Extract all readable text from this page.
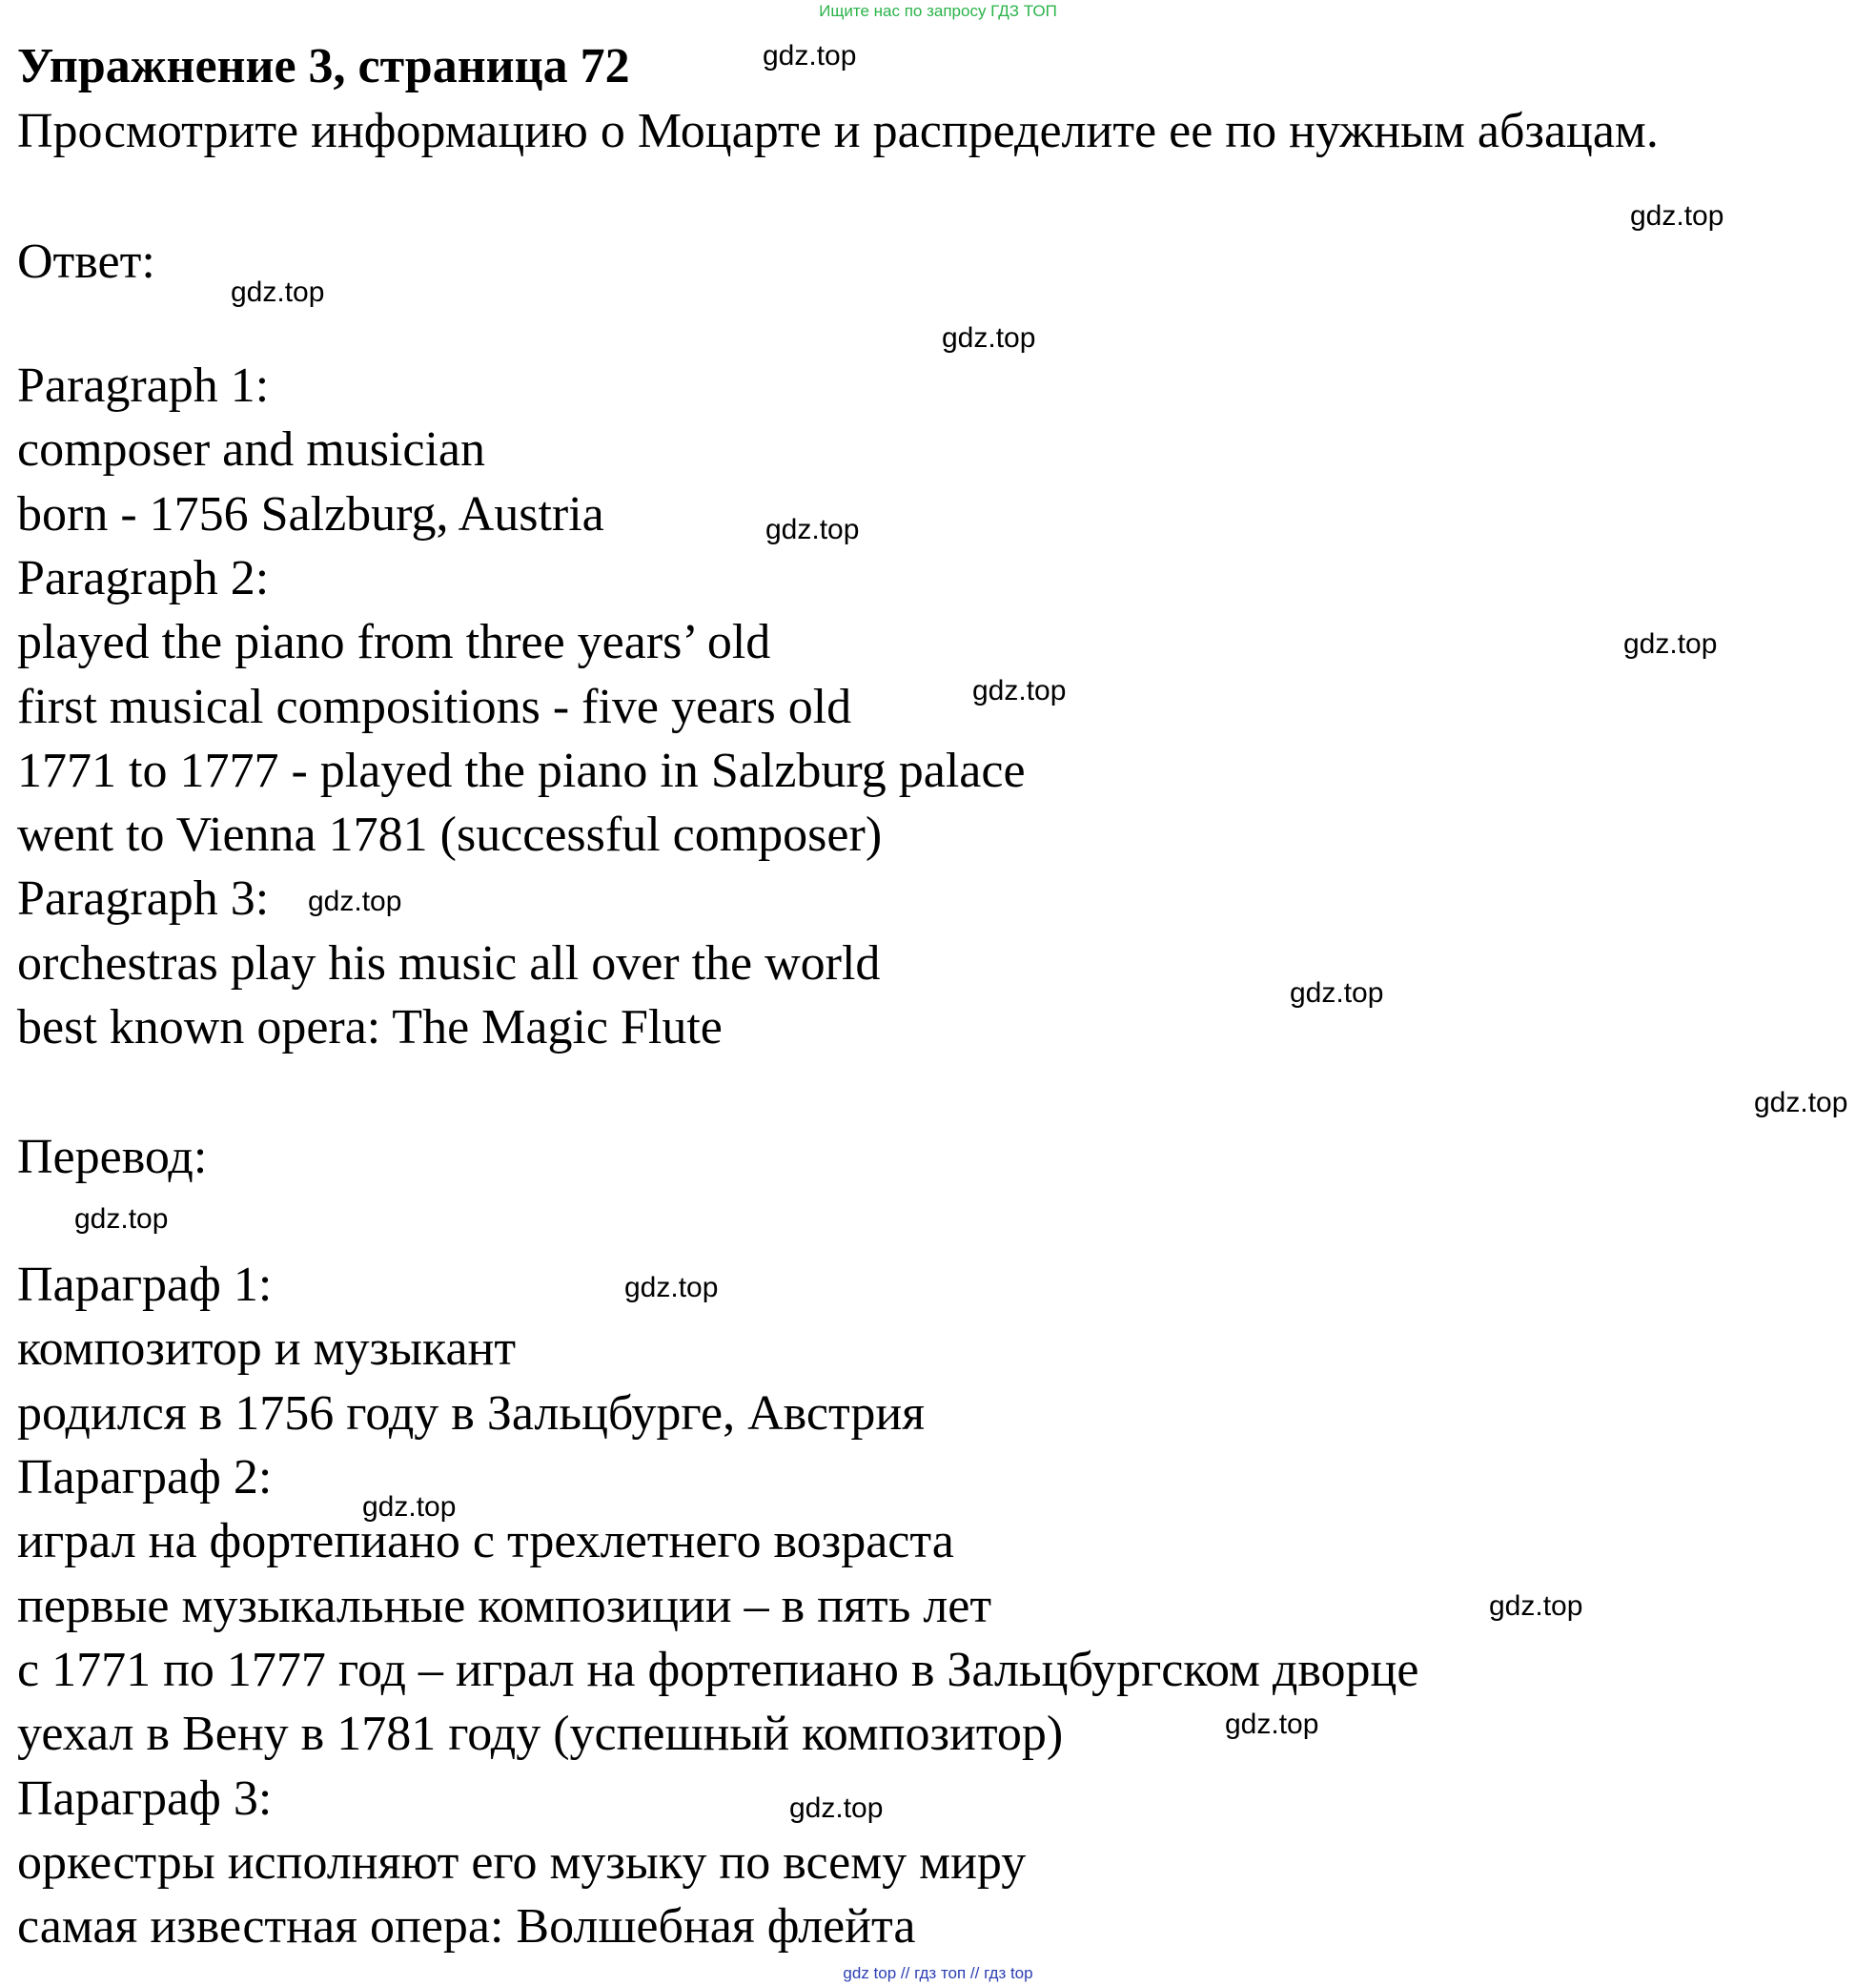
Ищите нас по запросу ГДЗ ТОП
Упражнение 3, страница 72
Просмотрите информацию о Моцарте и распределите ее по нужным абзацам.
Ответ:
Paragraph 1:
composer and musician
born - 1756 Salzburg, Austria
Paragraph 2:
played the piano from three years’ old
first musical compositions - five years old
1771 to 1777 - played the piano in Salzburg palace
went to Vienna 1781 (successful composer)
Paragraph 3:
orchestras play his music all over the world
best known opera: The Magic Flute
Перевод:
Параграф 1:
композитор и музыкант
родился в 1756 году в Зальцбурге, Австрия
Параграф 2:
играл на фортепиано с трехлетнего возраста
первые музыкальные композиции – в пять лет
с 1771 по 1777 год – играл на фортепиано в Зальцбургском дворце
уехал в Вену в 1781 году (успешный композитор)
Параграф 3:
оркестры исполняют его музыку по всему миру
самая известная опера: Волшебная флейта
gdz.top
gdz.top
gdz.top
gdz.top
gdz.top
gdz.top
gdz.top
gdz.top
gdz.top
gdz.top
gdz.top
gdz.top
gdz.top
gdz.top
gdz.top
gdz.top
gdz top // гдз топ // гдз top
